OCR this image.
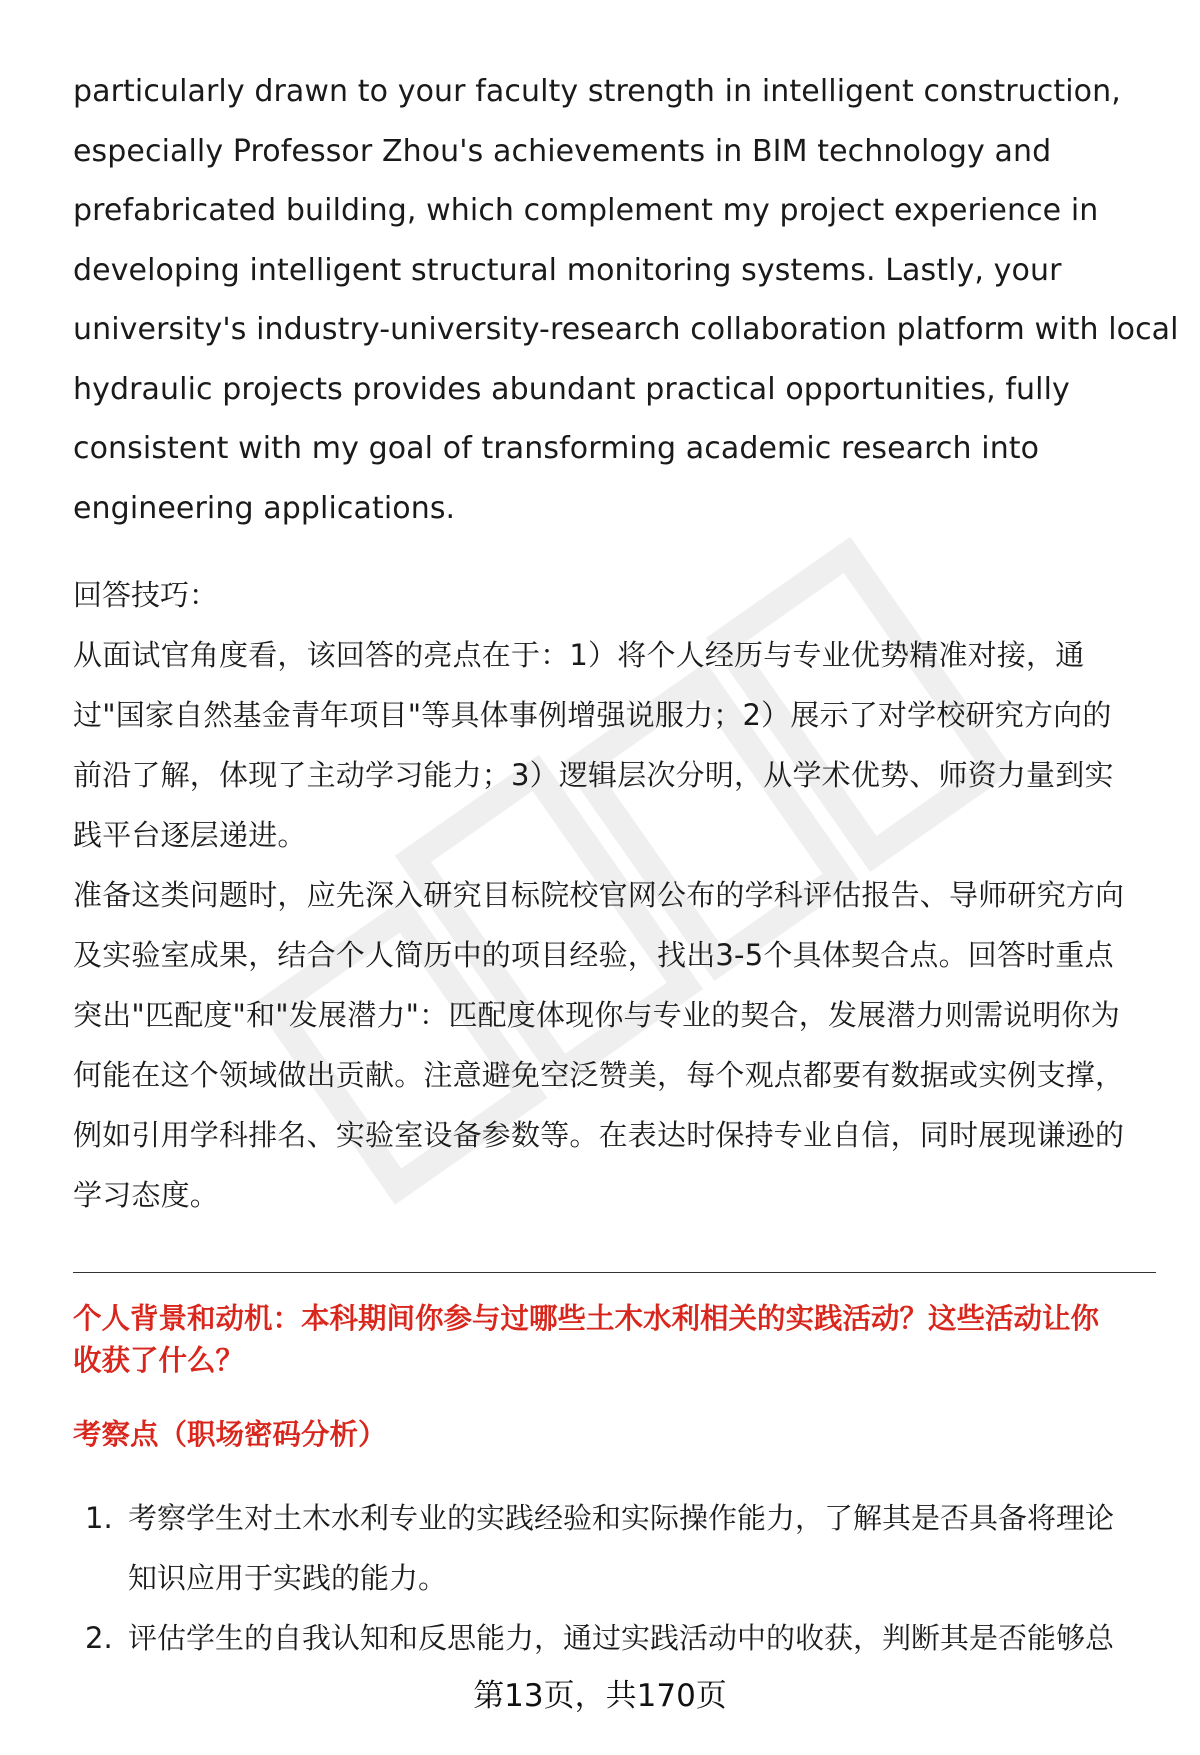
particularly drawn to your faculty strength in intelligent construction,
especially Professor Zhou's achievements in BIM technology and
prefabricated building, which complement my project experience in
developing intelligent structural monitoring systems. Lastly, your
university's industry-university-research collaboration platform with local
hydraulic projects provides abundant practical opportunities, fully
consistent with my goal of transforming academic research into
engineering applications.
回答技巧：
从面试官角度看，该回答的亮点在于：1）将个人经历与专业优势精准对接，通
过"国家自然基金青年项目"等具体事例增强说服力；2）展示了对学校研究方向的
前沿了解，体现了主动学习能力；3）逻辑层次分明，从学术优势、师资力量到实
践平台逐层递进。
准备这类问题时，应先深入研究目标院校官网公布的学科评估报告、导师研究方向
及实验室成果，结合个人简历中的项目经验，找出3-5个具体契合点。回答时重点
突出"匹配度"和"发展潜力"：匹配度体现你与专业的契合，发展潜力则需说明你为
何能在这个领域做出贡献。注意避免空泛赞美，每个观点都要有数据或实例支撑，
例如引用学科排名、实验室设备参数等。在表达时保持专业自信，同时展现谦逊的
学习态度。
个人背景和动机：本科期间你参与过哪些土木水利相关的实践活动？这些活动让你
收获了什么？
考察点（职场密码分析）
1. 考察学生对土木水利专业的实践经验和实际操作能力，了解其是否具备将理论
知识应用于实践的能力。
2. 评估学生的自我认知和反思能力，通过实践活动中的收获，判断其是否能够总
第13页，共170页
